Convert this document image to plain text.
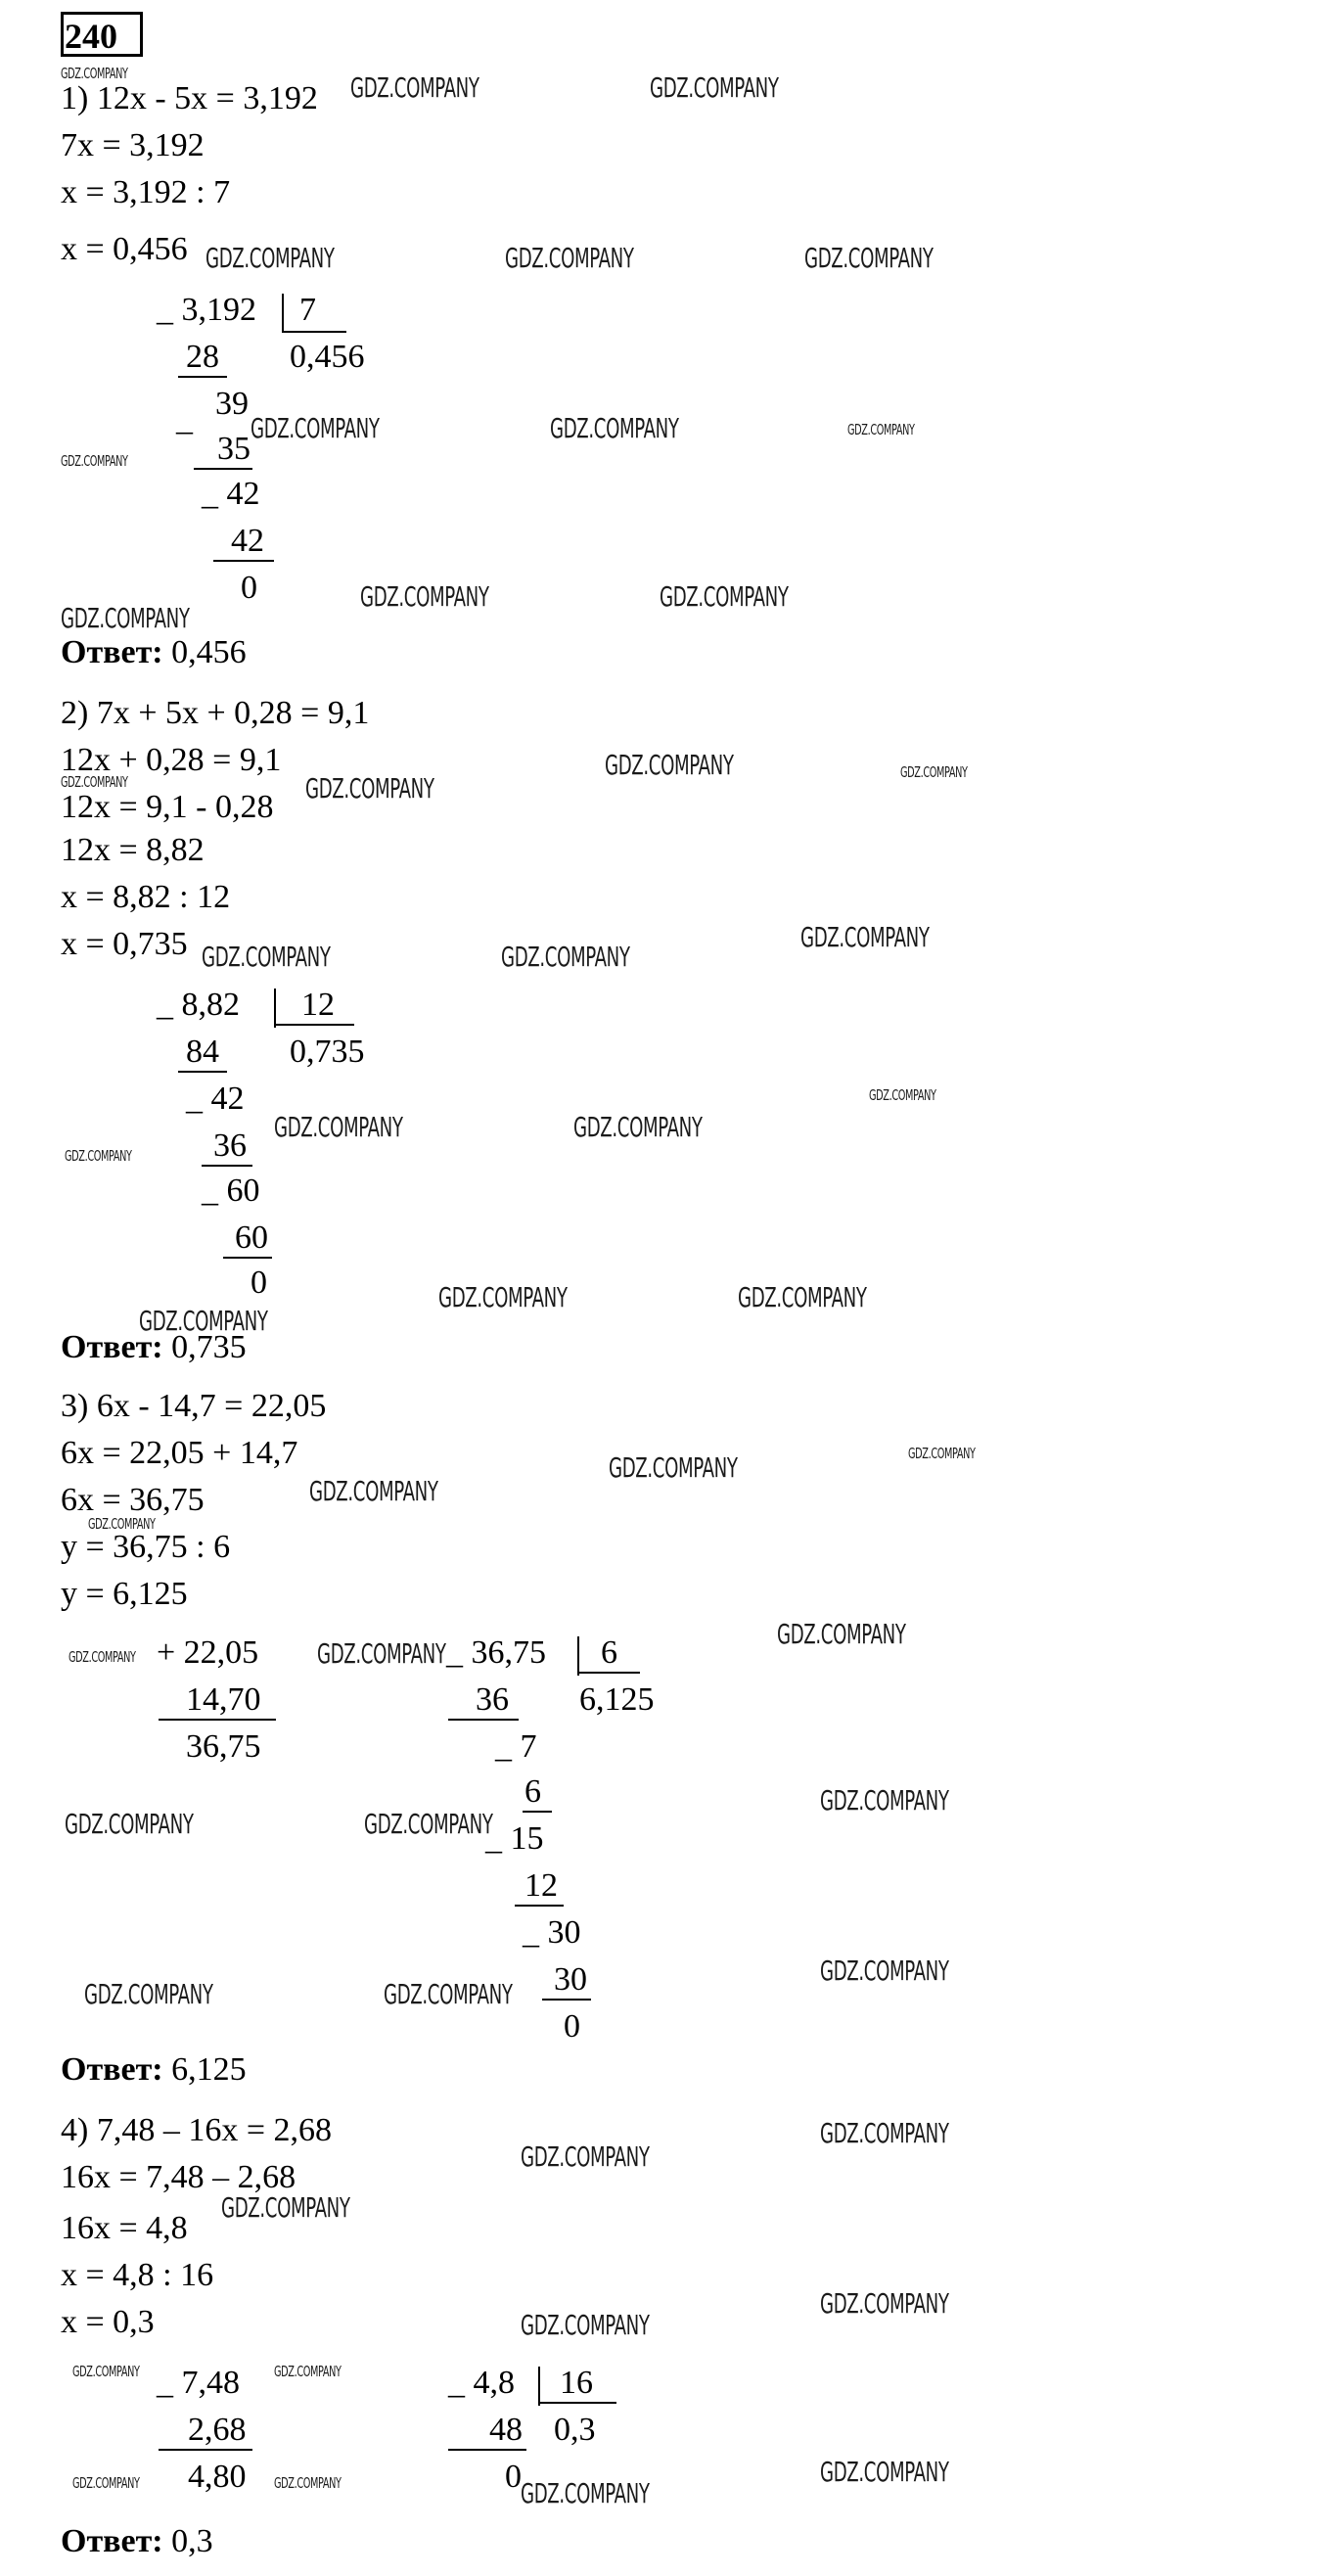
240
1) 12x - 5x = 3,192
7x = 3,192
x = 3,192 : 7
x = 0,456
_ 3,192 7
28 0,456
_ 39
35
_ 42
42
0
Ответ: 0,456
2) 7x + 5x + 0,28 = 9,1
12x + 0,28 = 9,1
12x = 9,1 - 0,28
12x = 8,82
x = 8,82 : 12
x = 0,735
_ 8,82 12
84 0,735
_ 42
36
_ 60
60
0
Ответ: 0,735
3) 6x - 14,7 = 22,05
6x = 22,05 + 14,7
6x = 36,75
y = 36,75 : 6
y = 6,125
+ 22,05
14,70
36,75
_ 36,75 6
36 6,125
_ 7
6
_ 15
12
_ 30
30
0
Ответ: 6,125
4) 7,48 – 16x = 2,68
16x = 7,48 – 2,68
16x = 4,8
x = 4,8 : 16
x = 0,3
_ 7,48
2,68
4,80
_ 4,8 16
48 0,3
0
Ответ: 0,3
GDZ.COMPANY	GDZ.COMPANY	GDZ.COMPANY
GDZ.COMPANY	GDZ.COMPANY	GDZ.COMPANY
GDZ.COMPANY	GDZ.COMPANY	GDZ.COMPANY
GDZ.COMPANY
GDZ.COMPANY	GDZ.COMPANY
GDZ.COMPANY
GDZ.COMPANY	GDZ.COMPANY
GDZ.COMPANY	GDZ.COMPANY
GDZ.COMPANY	GDZ.COMPANY
GDZ.COMPANY
GDZ.COMPANY
GDZ.COMPANY	GDZ.COMPANY
GDZ.COMPANY
GDZ.COMPANY	GDZ.COMPANY
GDZ.COMPANY
GDZ.COMPANY	GDZ.COMPANY
GDZ.COMPANY
GDZ.COMPANY
GDZ.COMPANY	GDZ.COMPANY
GDZ.COMPANY
GDZ.COMPANY	GDZ.COMPANY
GDZ.COMPANY
GDZ.COMPANY	GDZ.COMPANY
GDZ.COMPANY
GDZ.COMPANY
GDZ.COMPANY
GDZ.COMPANY
GDZ.COMPANY
GDZ.COMPANY
GDZ.COMPANY	GDZ.COMPANY
GDZ.COMPANY	GDZ.COMPANY	GDZ.COMPANY
GDZ.COMPANY
